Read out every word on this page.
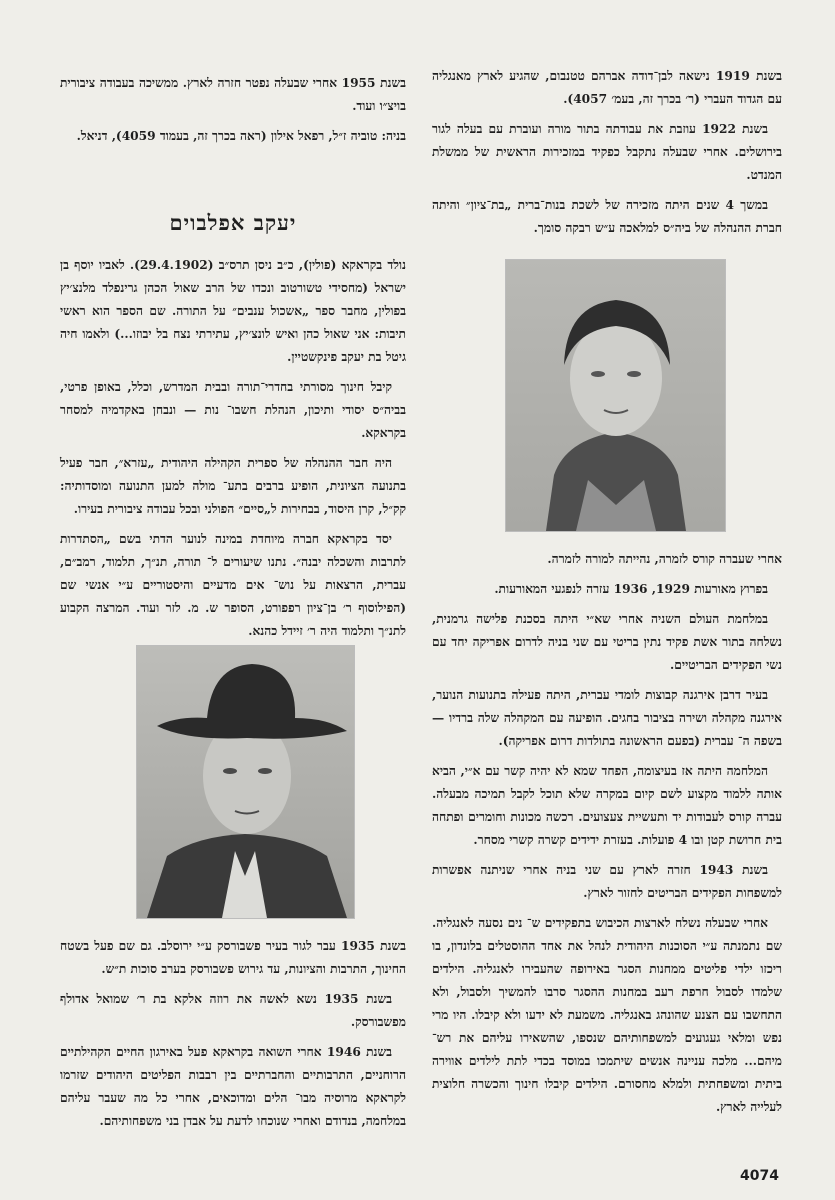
בשנת 1919 נישאה לבן־דודה אברהם טטנבום, שהגיע לארץ מאנגליה עם הגדוד העברי (ר׳ בכרך זה, בעמ׳ 4057).

בשנת 1922 עוזבת את עבודתה בתור מורה ועוברת עם בעלה לגור בירושלים. אחרי שבעלה נתקבל כפקיד במזכירות הראשית של ממשלת המנדט.

במשך 4 שנים היתה מזכירה של לשכת בנות־ברית „בת־ציון״ והיתה חברת ההנהלה של ביה״ס למלאכה ע״ש רבקה סומך.

אחרי שעברה קורס לזמרה, נהייתה למורה לזמרה.

בפרוץ מאורעות 1929, 1936 עזרה לנפגעי המאורעות.

במלחמת העולם השניה אחרי שא״י היתה בסכנת פלישה גרמנית, נשלחה בתור אשת פקיד נתין בריטי עם שני בניה לדרום אפריקה יחד עם נשי הפקידים הבריטיים.

בעיר דרבן אירגנה קבוצות לומדי עברית, היתה פעילה בתנועות הנוער, אירגנה מקהלה ושירה בציבור בחגים. הופיעה עם המקהלה שלה ברדיו — בשפה ה־ עברית (בפעם הראשונה בתולדות דרום אפריקה).

המלחמה היתה אז בעיצומה, הפחד שמא לא יהיה קשר עם א״י, הביא אותה ללמוד מקצוע לשם קיום במקרה שלא תוכל לקבל תמיכה מבעלה. עברה קורס לעבודות יד ותעשיית צעצועים. רכשה מכונות וחומרים ופתחה בית חרושת קטן ובו 4 פועלות. בעזרת ידידים קשרה קשרי מסחר.

בשנת 1943 חזרה לארץ עם שני בניה אחרי שניתנה אפשרות למשפחות הפקידים הבריטים לחזור לארץ.

אחרי שבעלה נשלח לארצות הכיבוש בתפקידים ש־ נים נסעה לאנגליה. שם נתמנתה ע״י הסוכנות היהודית לנהל את אחד ההוסטלים בלונדון, בו ריכזו ילדי פליטים ממחנות הסגר באירופה שהעבירו לאנגליה. הילדים שלמדו לסבול חרפת רעב במחנות ההסגר סרבו להמשיך ולסבול, ולא התחשבו עם הצנע שהונהג באנגליה. משמעת לא ידעו ולא קיבלו. היו מרי נפש ומלאי געגועים למשפחותיהם שנספו, שהשאירו עליהם את רש־ מיהם... מלכה עניינה אנשים שיתמכו במוסד בכדי לתת לילדים אווירה ביתית ומשפחתית ולמלא מחסורם. הילדים קיבלו חינוך והכשרה חלוצית לעלייה לארץ.

בשנת 1955 אחרי שבעלה נפטר חזרה לארץ. ממשיכה בעבודה ציבורית בויצ״ו ועוד.

בניה: טוביה ז״ל, רפאל אילון (ראה בכרך זה, בעמוד 4059), דניאל.

יעקב אפלבוים

נולד בקראקא (פולין), כ״ב ניסן תרס״ב (29.4.1902). לאביו יוסף בן ישראל (מחסידי טשורטוב ונכדו של הרב שאול הכהן גרינפלד מלנצ׳יץ בפולין, מחבר ספר „אשכול ענבים״ על התורה. שם הספר הוא ראשי תיבות: אני שאול כהן ואיש לונצ׳יץ, עתירתי נצח בל יבוזו...) ולאמו חיה גיטל בת יעקב פינקשטיין.

קיבל חינוך מסורתי בחדרי־תורה ובבית המדרש, וכלל, באופן פרטי, בביה״ס יסודי ותיכון, הנהלת חשבו־ נות — ונבחן באקדמיה למסחר בקראקא.

היה חבר ההנהלה של ספרית הקהילה היהודית „עזרא״, חבר פעיל בתנועה הציונית, הופיע ברבים בתע־ מולה למען התנועה ומוסדותיה: קק״ל, קרן היסוד, בבחירות ל„סיים״ הפולני ובכל עבודה ציבורית בעירו.

יסד בקראקא חברה מיוחדת במינה לנוער הדתי בשם „הסתדרות לתרבות והשכלה יבנה״. נתנו שיעורים ל־ תורה, תנ״ך, תלמוד, רמב״ם, עברית, הרצאות על נוש־ אים מדעיים והיסטוריים ע״י אנשי שם (הפילוסוף ר׳ בן־ציון רפפורט, הסופר ש. מ. לזר ועוד. המרצה הקבוע לתנ״ך ותלמוד היה ר׳ זיידל כהנא.

בשנת 1935 עבר לגור בעיר פשבורסק ע״י ירוסלב. גם שם פעל בשטח החינוך, התרבות והציונות, עד גירוש פשבורסק בערב סוכות ת״ש.

בשנת 1935 נשא לאשה את רוזה אלקא בת ר׳ שמואל אדולף מפשבורסק.

בשנת 1946 אחרי השואה בקראקא פעל באירגון החיים הקהילתיים הרוחניים, התרבותיים והחברתיים בין רבבות הפליטים היהודים שזרמו לקראקא מרוסיה מבו־ הלים ומדוכאים, אחרי כל מה שעבר עליהם במלחמה, בנדודם ואחרי שנוכחו לדעת על אבדן בני משפחותיהם.

4074
